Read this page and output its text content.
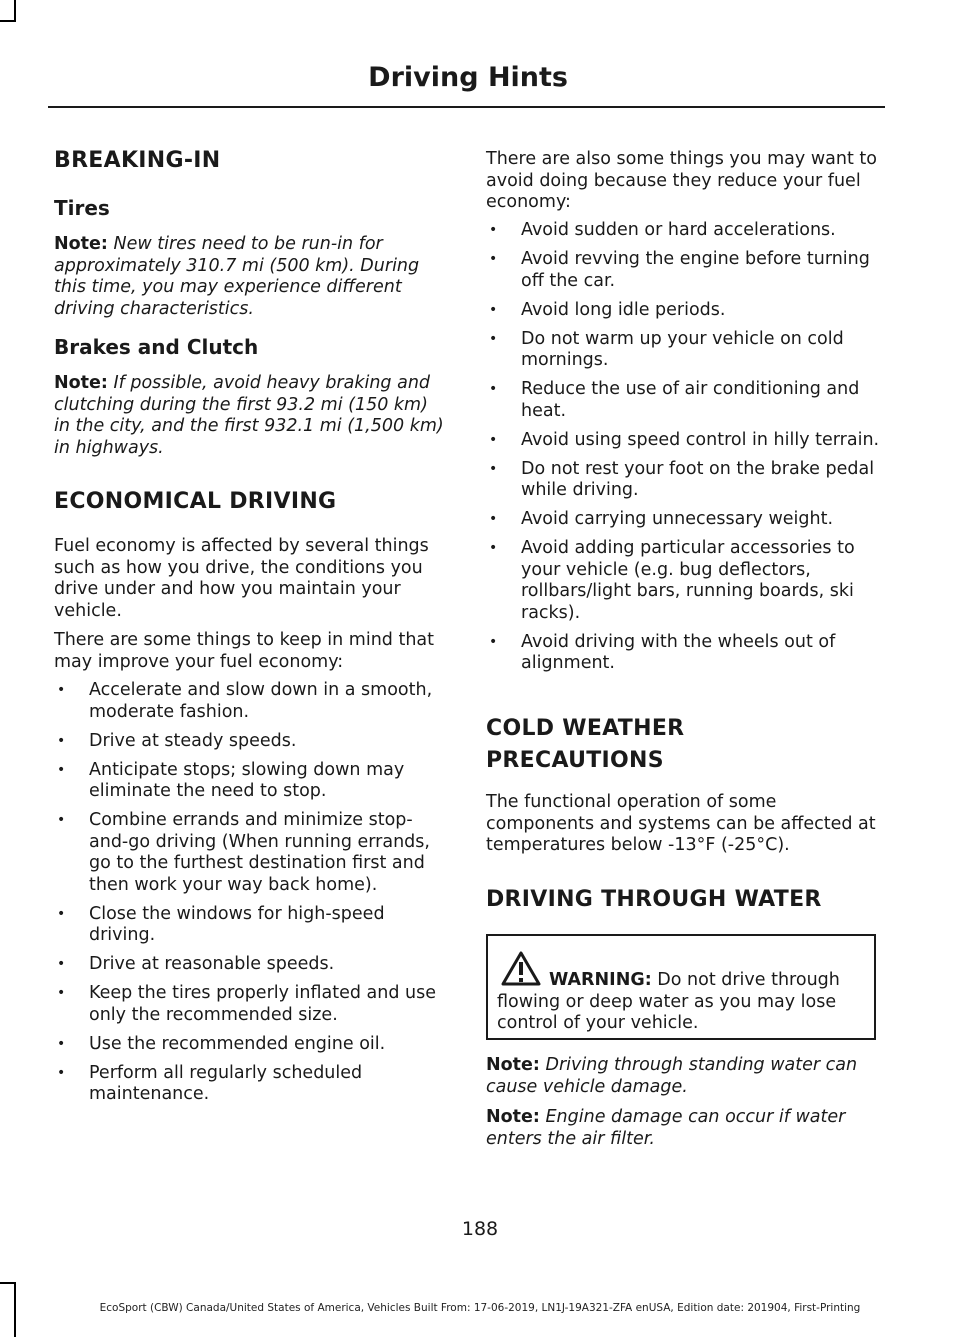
Driving Hints
BREAKING-IN
Tires

Note: New tires need to be run-in for approximately 310.7 mi (500 km). During this time, you may experience different driving characteristics.

Brakes and Clutch

Note: If possible, avoid heavy braking and clutching during the first 93.2 mi (150 km) in the city, and the first 932.1 mi (1,500 km) in highways.

ECONOMICAL DRIVING

Fuel economy is affected by several things such as how you drive, the conditions you drive under and how you maintain your vehicle.

There are some things to keep in mind that may improve your fuel economy:

• Accelerate and slow down in a smooth, moderate fashion.
• Drive at steady speeds.
• Anticipate stops; slowing down may eliminate the need to stop.
• Combine errands and minimize stop-and-go driving (When running errands, go to the furthest destination first and then work your way back home).
• Close the windows for high-speed driving.
• Drive at reasonable speeds.
• Keep the tires properly inflated and use only the recommended size.
• Use the recommended engine oil.
• Perform all regularly scheduled maintenance.

There are also some things you may want to avoid doing because they reduce your fuel economy:

• Avoid sudden or hard accelerations.
• Avoid revving the engine before turning off the car.
• Avoid long idle periods.
• Do not warm up your vehicle on cold mornings.
• Reduce the use of air conditioning and heat.
• Avoid using speed control in hilly terrain.
• Do not rest your foot on the brake pedal while driving.
• Avoid carrying unnecessary weight.
• Avoid adding particular accessories to your vehicle (e.g. bug deflectors, rollbars/light bars, running boards, ski racks).
• Avoid driving with the wheels out of alignment.
COLD WEATHER
PRECAUTIONS

The functional operation of some components and systems can be affected at temperatures below -13°F (-25°C).

DRIVING THROUGH WATER

Note: Driving through standing water can cause vehicle damage.

Note: Engine damage can occur if water enters the air filter.

WARNING: Do not drive through flowing or deep water as you may lose control of your vehicle.

188
EcoSport (CBW) Canada/United States of America, Vehicles Built From: 17-06-2019, LN1J-19A321-ZFA enUSA, Edition date: 201904, First-Printing
